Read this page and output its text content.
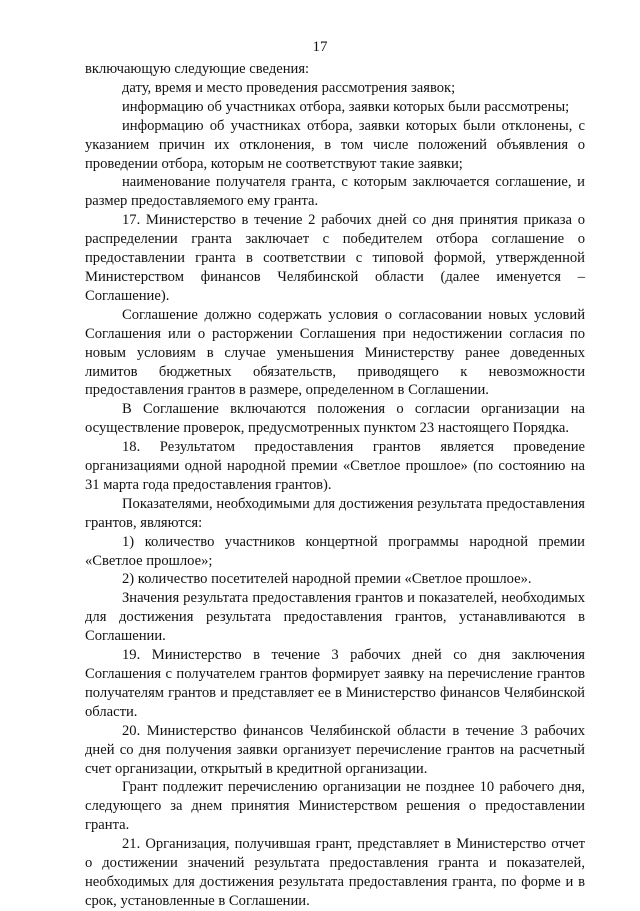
17

включающую следующие сведения:

дату, время и место проведения рассмотрения заявок;

информацию об участниках отбора, заявки которых были рассмотрены;

информацию об участниках отбора, заявки которых были отклонены, с указанием причин их отклонения, в том числе положений объявления о проведении отбора, которым не соответствуют такие заявки;

наименование получателя гранта, с которым заключается соглашение, и размер предоставляемого ему гранта.

17. Министерство в течение 2 рабочих дней со дня принятия приказа о распределении гранта заключает с победителем отбора соглашение о предоставлении гранта в соответствии с типовой формой, утвержденной Министерством финансов Челябинской области (далее именуется – Соглашение).

Соглашение должно содержать условия о согласовании новых условий Соглашения или о расторжении Соглашения при недостижении согласия по новым условиям в случае уменьшения Министерству ранее доведенных лимитов бюджетных обязательств, приводящего к невозможности предоставления грантов в размере, определенном в Соглашении.

В Соглашение включаются положения о согласии организации на осуществление проверок, предусмотренных пунктом 23 настоящего Порядка.

18. Результатом предоставления грантов является проведение организациями одной народной премии «Светлое прошлое» (по состоянию на 31 марта года предоставления грантов).

Показателями, необходимыми для достижения результата предоставления грантов, являются:

1) количество участников концертной программы народной премии «Светлое прошлое»;

2) количество посетителей народной премии «Светлое прошлое».

Значения результата предоставления грантов и показателей, необходимых для достижения результата предоставления грантов, устанавливаются в Соглашении.

19. Министерство в течение 3 рабочих дней со дня заключения Соглашения с получателем грантов формирует заявку на перечисление грантов получателям грантов и представляет ее в Министерство финансов Челябинской области.

20. Министерство финансов Челябинской области в течение 3 рабочих дней со дня получения заявки организует перечисление грантов на расчетный счет организации, открытый в кредитной организации.

Грант подлежит перечислению организации не позднее 10 рабочего дня, следующего за днем принятия Министерством решения о предоставлении гранта.

21. Организация, получившая грант, представляет в Министерство отчет о достижении значений результата предоставления гранта и показателей, необходимых для достижения результата предоставления гранта, по форме и в срок, установленные в Соглашении.
